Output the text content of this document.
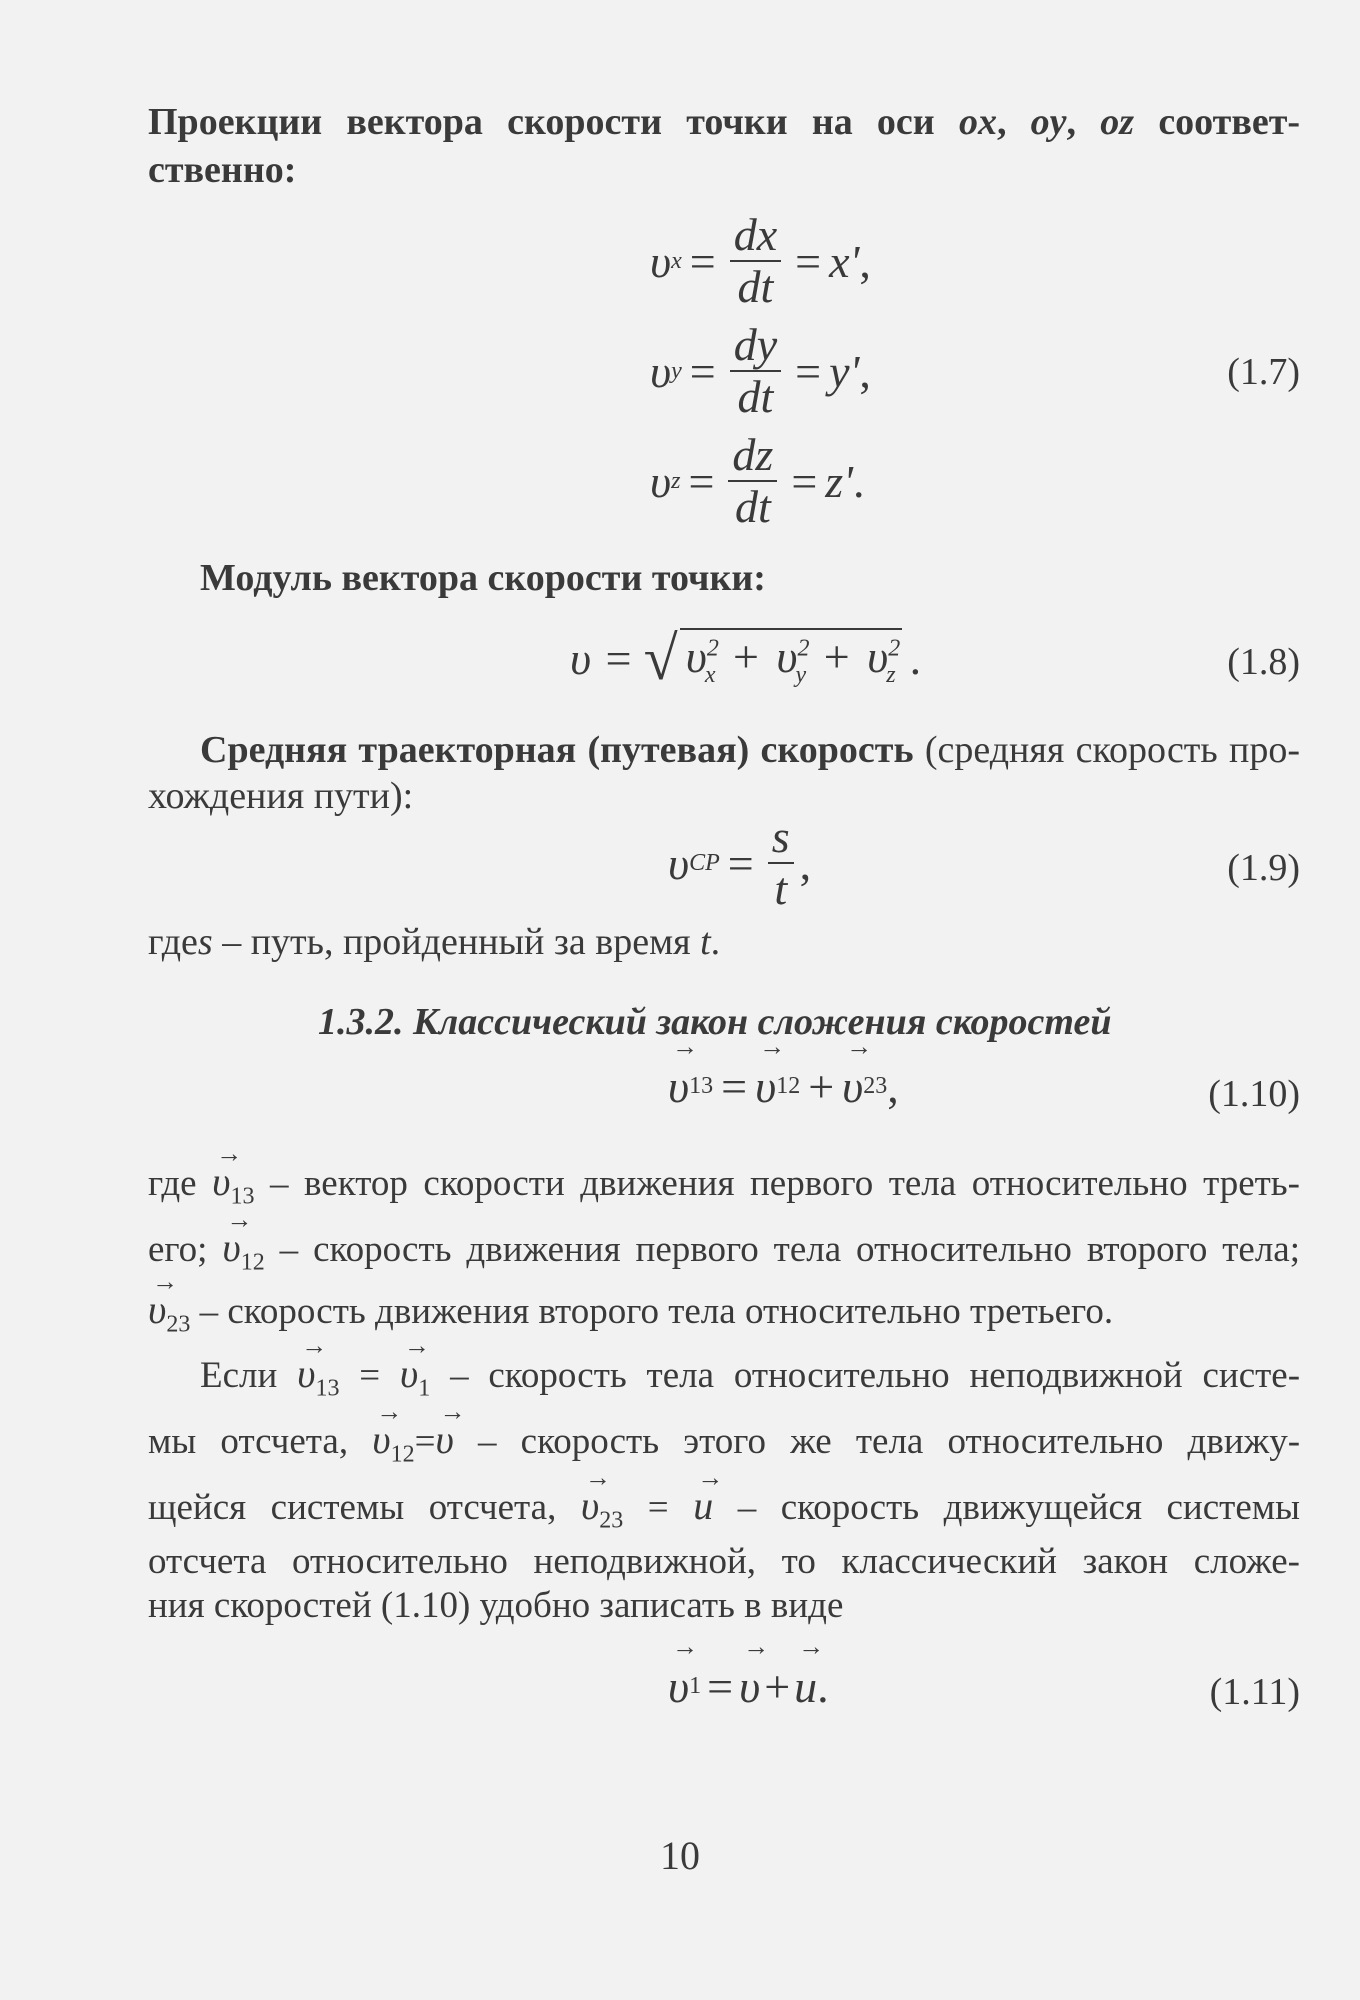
Проекции вектора скорости точки на оси ox, oy, oz соответ-
ственно:
υ $x = \frac{dx}{dt} = x'$ ,
υ $y = \frac{dy}{dt} = y'$ ,
υ $z = \frac{dz}{dt} = z'$ .
(1.7)
Модуль вектора скорости точки:
υ = √ $\upsilon^2_x + \upsilon^2_y + \upsilon^2_z$ .	(1.8)
Средняя траекторная (путевая) скорость (средняя скорость про-
хождения пути):
υ CP = $\frac{s}{t}$ ,	(1.9)
гдеs – путь, пройденный за время t.
1.3.2. Классический закон сложения скоростей
→ υ 13 = → υ 12 + → υ 23 ,	(1.10)
где → $\upsilon_{13}$ – вектор скорости движения первого тела относительно треть-
его; → $\upsilon_{12}$ – скорость движения первого тела относительно второго тела;
→ $\upsilon_{23}$ – скорость движения второго тела относительно третьего.
Если → $\upsilon_{13}$ = → $\upsilon_1$ – скорость тела относительно неподвижной систе-
мы отсчета, → $\upsilon_{12}=\to \upsilon$ – скорость этого же тела относительно движу-
щейся системы отсчета, → $\upsilon_{23}$ = → u – скорость движущейся системы
отсчета относительно неподвижной, то классический закон сложе-
ния скоростей (1.10) удобно записать в виде
→ υ 1 = → υ + → u .	(1.11)
10
